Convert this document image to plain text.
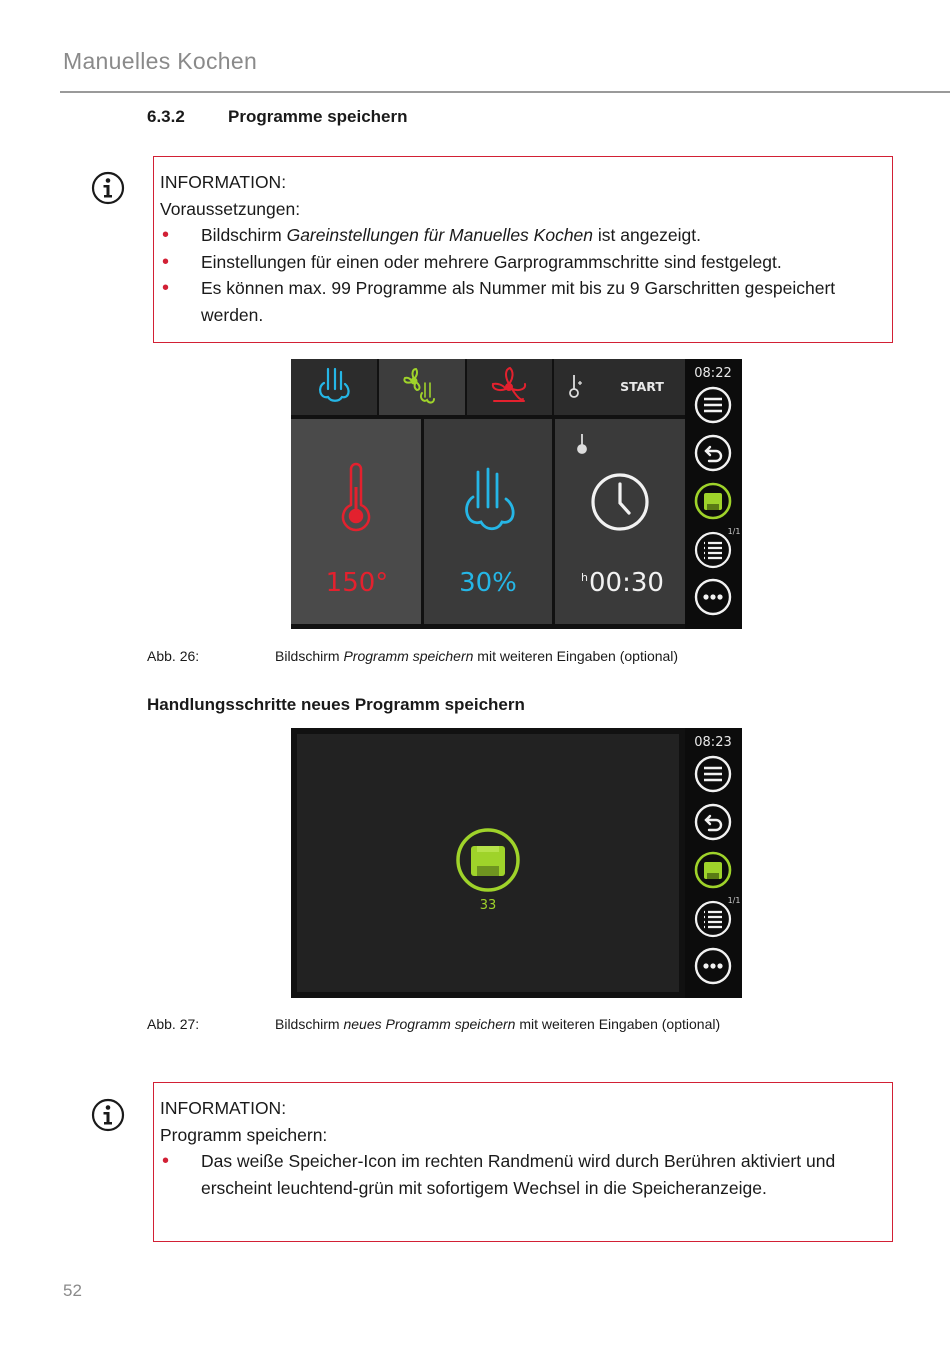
Manuelles Kochen
6.3.2	Programme speichern
INFORMATION:
Voraussetzungen:
• Bildschirm Gareinstellungen für Manuelles Kochen ist angezeigt.
• Einstellungen für einen oder mehrere Garprogrammschritte sind festgelegt.
• Es können max. 99 Programme als Nummer mit bis zu 9 Garschritten gespeichert werden.
START
150°	30%	h 00:30
08:22
1/1
Abb. 26:	Bildschirm Programm speichern mit weiteren Eingaben (optional)
Handlungsschritte neues Programm speichern
33
08:23
1/1
Abb. 27:	Bildschirm neues Programm speichern mit weiteren Eingaben (optional)
INFORMATION:
Programm speichern:
• Das weiße Speicher-Icon im rechten Randmenü wird durch Berühren aktiviert und erscheint leuchtend-grün mit sofortigem Wechsel in die Speicheranzeige.
52
